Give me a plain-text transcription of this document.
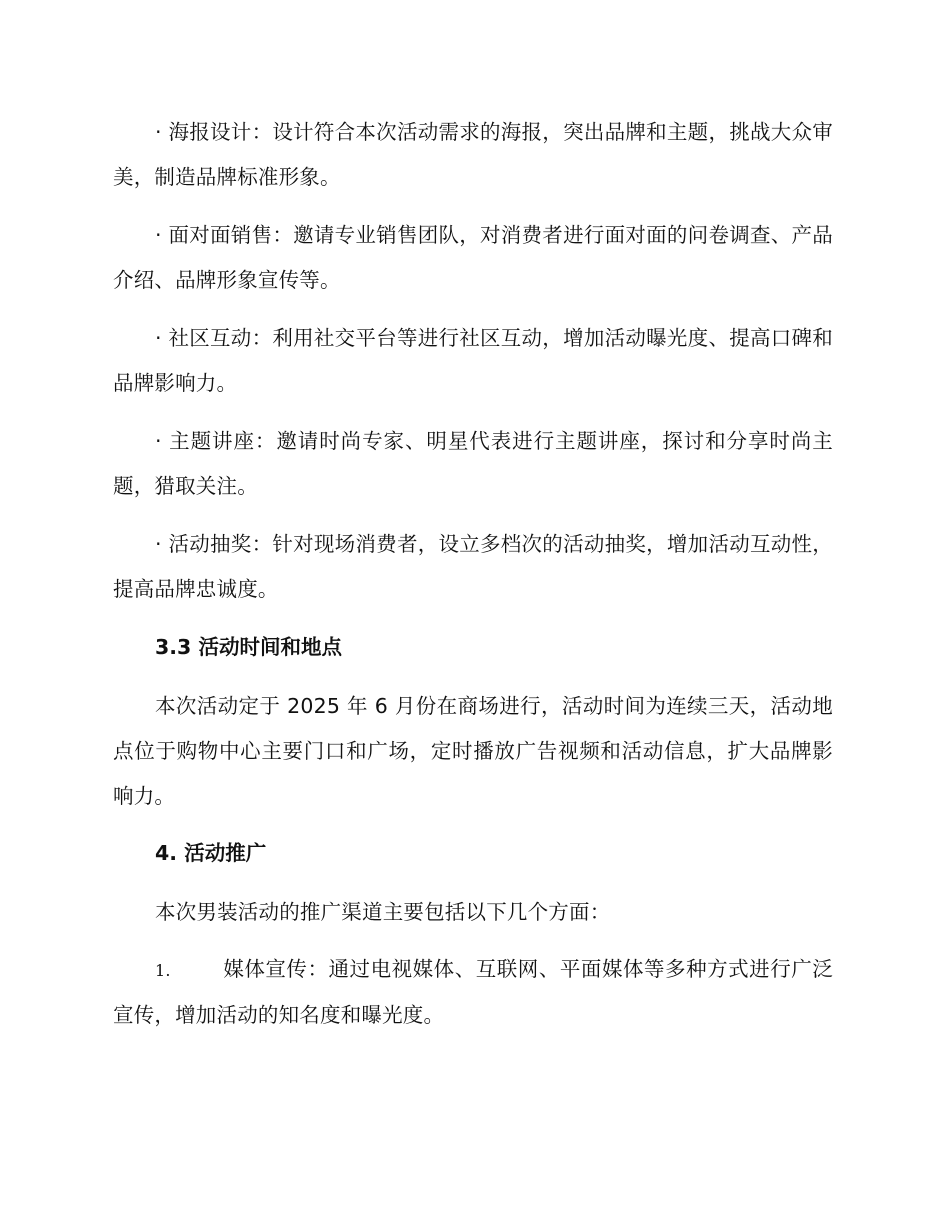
· 海报设计：设计符合本次活动需求的海报，突出品牌和主题，挑战大众审美，制造品牌标准形象。

· 面对面销售：邀请专业销售团队，对消费者进行面对面的问卷调查、产品介绍、品牌形象宣传等。

· 社区互动：利用社交平台等进行社区互动，增加活动曝光度、提高口碑和品牌影响力。

· 主题讲座：邀请时尚专家、明星代表进行主题讲座，探讨和分享时尚主题，猎取关注。

· 活动抽奖：针对现场消费者，设立多档次的活动抽奖，增加活动互动性，提高品牌忠诚度。

3.3 活动时间和地点

本次活动定于 2025 年 6 月份在商场进行，活动时间为连续三天，活动地点位于购物中心主要门口和广场，定时播放广告视频和活动信息，扩大品牌影响力。

4. 活动推广

本次男装活动的推广渠道主要包括以下几个方面：

1.	媒体宣传：通过电视媒体、互联网、平面媒体等多种方式进行广泛宣传，增加活动的知名度和曝光度。
